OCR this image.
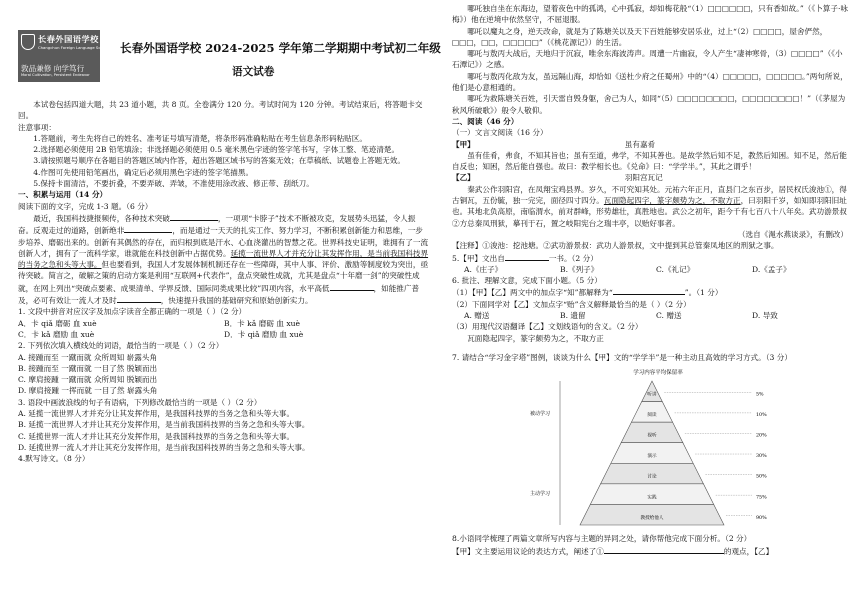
长春外国语学校
Changchun Foreign Language School
敦品兼修 向学笃行
Moral Cultivation, Persistent Endeavor
长春外国语学校 2024-2025 学年第二学期期中考试初二年级
语文试卷

本试卷包括四道大题，共 23 道小题，共 8 页。全卷满分 120 分。考试时间为 120 分钟。考试结束后，将答题卡交回。

注意事项：

1.答题前，考生先将自己的姓名、准考证号填写清楚，将条形码准确粘贴在考生信息条形码粘贴区。

2.选择题必须使用 2B 铅笔填涂；非选择题必须使用 0.5 毫米黑色字迹的签字笔书写，字体工整、笔迹清楚。

3.请按照题号顺序在各题目的答题区域内作答，超出答题区域书写的答案无效；在草稿纸、试题卷上答题无效。

4.作图可先使用铅笔画出，确定后必须用黑色字迹的签字笔描黑。

5.保持卡面清洁，不要折叠，不要弄破、弄皱，不准使用涂改液、修正带、刮纸刀。

一、积累与运用（14 分）

阅读下面的文字，完成 1-3 题。（6 分）

最近，我国科技捷报频传，各种技术突破	，一项项“卡脖子”技术不断被攻克，发展势头迅猛，令人振奋。反观走过的道路，创新绝非	，而是通过一天天的扎实工作、努力学习，不断积累创新能力和思维，一步步培养、磨砺出来的。创新有其偶然的存在，而归根到底是汗水、心血浇灌出的智慧之花。世界科技史证明，谁拥有了一流创新人才，拥有了一流科学家，谁就能在科技创新中占据优势。延揽一流世界人才并充分让其发挥作用，是当前我国科技界的当务之急和头等大事。但也要看到，我国人才发展体制机制还存在一些障碍，其中人事、评价、激励等制度较为突出，亟待突破。简言之，破解之策的启动方案是利用“互联网+代表作”，盘点突破性成就，尤其是盘点“十年磨一剑”的突破性成就，在网上列出“突破点要素、成果清单、学界反馈、国际同类成果比较”四项内容，水平高低	，如能推广普及，必可有效让一流人才及时	，快速提升我国的基础研究和原始创新实力。

1. 文段中拼音对应汉字及加点字读音全都正确的一项是（ ）（2 分）

A．卡 qiǎ 磨砺 血 xuè	B．卡 kǎ 磨砺 血 xuè
C．卡 kǎ 磨励 血 xuè	D．卡 qiǎ 磨励 血 xuè

2. 下列依次填入横线处的词语，最恰当的一项是（ ）（2 分）

A. 接踵而至 一蹴而就 众所周知 崭露头角

B. 接踵而至 一蹴而就 一目了然 脱颖而出

C. 摩肩接踵 一蹴而就 众所周知 脱颖而出

D. 摩肩接踵 一挥而就 一目了然 崭露头角

3. 语段中画波浪线的句子有语病，下列修改最恰当的一项是（ ）（2 分）

A. 延揽一流世界人才并充分让其发挥作用，是我国科技界的当务之急和头等大事。

B. 延揽一流世界人才并让其充分发挥作用，是当前我国科技界的当务之急和头等大事。

C. 延揽世界一流人才并让其充分发挥作用，是我国科技界的当务之急和头等大事。

D. 延揽世界一流人才并让其充分发挥作用，是当前我国科技界的当务之急和头等大事。

4.默写诗文。（8 分）

哪吒独自坐在东海边，望着夜色中的孤鸿，心中孤寂，却如梅花般“（1）□□□□□□，只有香如故。”（《卜算子·咏梅》）他在逆境中依然坚守，不屈退服。

哪吒以魔丸之身，逆天改命，就是为了陈塘关以及天下百姓能够安居乐业，过上“（2）□□□□，屋舍俨然，□□□，□□，□□□□□”（《桃花源记》）的生活。

哪吒与敖丙大战后，天地归于沉寂，唯余东海波涛声。周遭一片幽寂，令人产生“凄神寒骨，（3）□□□□”（《小石潭记》）之感。

哪吒与敖丙化敌为友，虽远隔山海，却恰如《送杜少府之任蜀州》中的“（4）□□□□□，□□□□□。”两句所说，他们是心意相通的。

哪吒为救陈塘关百姓，引天雷自毁身躯，舍己为人，如同“（5）□□□□□□□□，□□□□□□□□！”（《茅屋为秋风所破歌》）般令人敬仰。

二、阅读（46 分）

（一）文言文阅读（16 分）

【甲】	虽有嘉肴

虽有佳肴，弗食，不知其旨也；虽有至道，弗学，不知其善也。是故学然后知不足，教然后知困。知不足，然后能自反也；知困，然后能自强也。故曰：教学相长也。《兑命》曰：“学学半。”，其此之谓乎！

【乙】	羽阳宫瓦记

秦武公作羽阳宫，在凤翔宝鸡县界。岁久，不可究知其处。元祐六年正月，直县门之东百步，居民权氏浚池①，得古铜瓦，五份毓，独一完完，面径四寸四分。瓦面隐起四字，篆字颇势为之，不取方正，曰羽阳千岁，如知即羽阳旧址也。其地北负高原，南临渭水，前对群峰，形势雄壮，真胜地也。武公之初年，距今千有七百八十八年矣。武功游景叔②方总秦凤刑狱，摹刊于石，置之岐阳宪台之瑞丰亭，以贻好事者。

（选自《渑水燕谈录》，有删改）

【注释】①浚池：挖池塘。②武功游景叔：武功人游景叔，文中提到其总管秦凤地区的刑狱之事。

5.【甲】文出自	一书。（2 分）

A.《庄子》	B.《列子》	C.《礼记》	D.《孟子》

6. 批注、理解文意，完成下面小题。（5 分）

（1）【甲】【乙】两文中的加点字“知”都解释为“	”。（1 分）

（2）下面同学对【乙】文加点字“贻”含义解释最恰当的是（ ）（2 分）

A. 赠送	B. 遗留	C. 赠送	D. 导致

（3）用现代汉语翻译【乙】文划线语句的含义。（2 分）

瓦面隐起四字，篆字颇势为之，不取方正

7. 请结合“学习金字塔”图例，谈谈为什么【甲】文的“学学半”是一种主动且高效的学习方式。（3 分）

学习内容平均保留率
被动学习
主动学习
听讲	5%
阅读	10%
视听	20%
演示	30%
讨论	50%
实践	75%
教授给他人	90%

8.小语同学梳理了两篇文章所写内容与主题的异同之处，请你帮他完成下面分析。（2 分）

【甲】文主要运用议论的表达方式，阐述了①	的观点，【乙】
